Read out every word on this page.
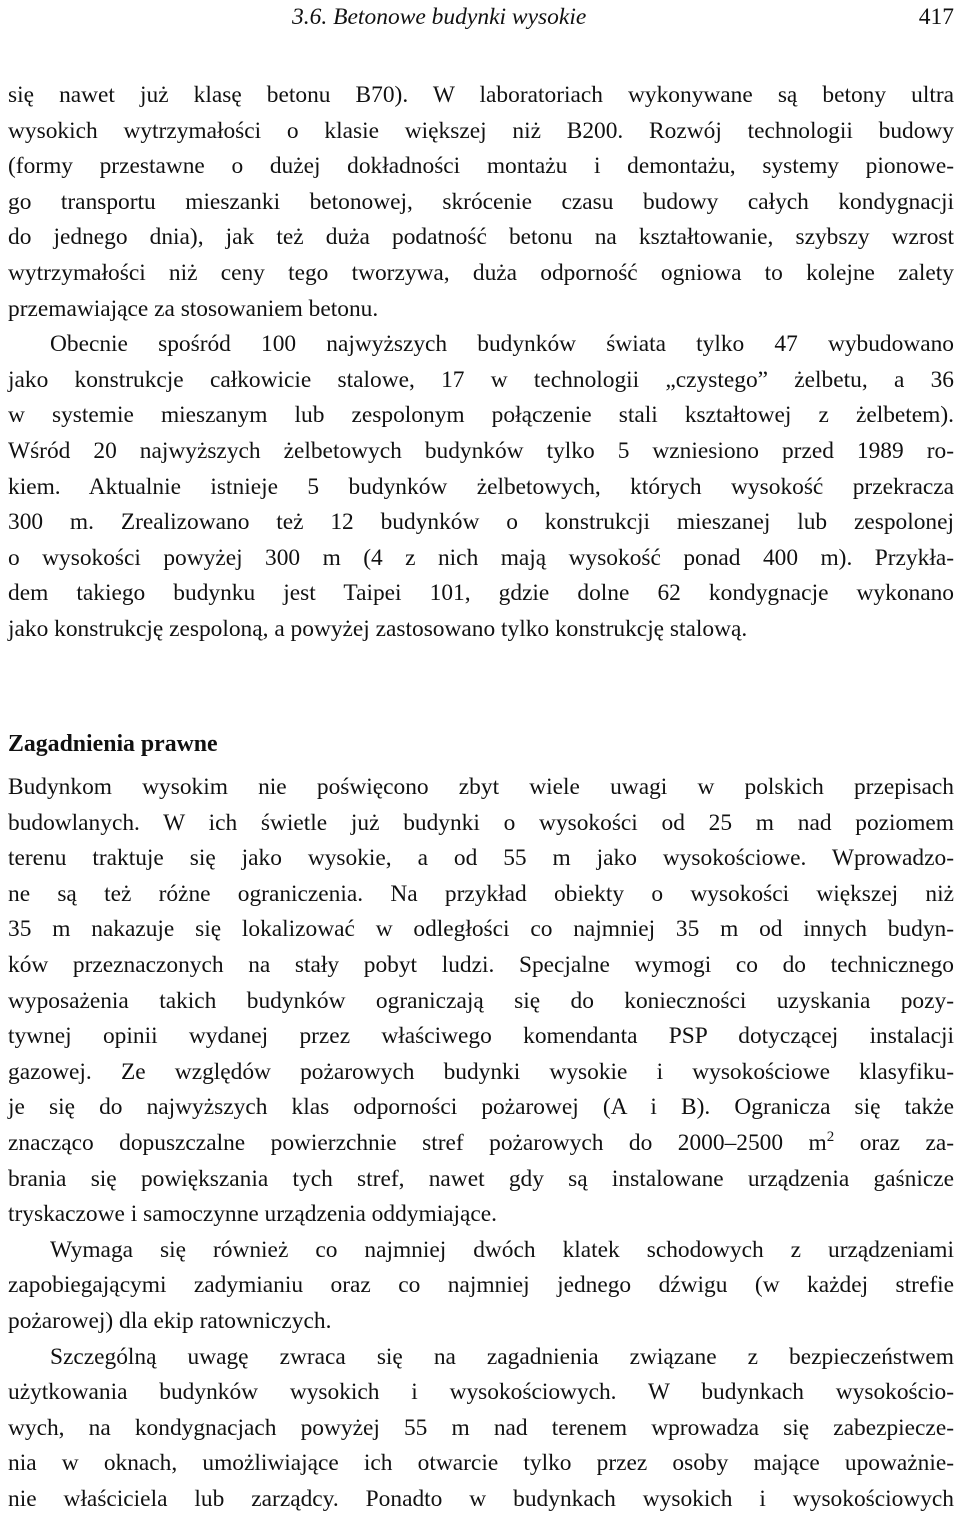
3.6. Betonowe budynki wysokie	417
się nawet już klasę betonu B70). W laboratoriach wykonywane są betony ultra
wysokich wytrzymałości o klasie większej niż B200. Rozwój technologii budowy
(formy przestawne o dużej dokładności montażu i demontażu, systemy pionowe-
go transportu mieszanki betonowej, skrócenie czasu budowy całych kondygnacji
do jednego dnia), jak też duża podatność betonu na kształtowanie, szybszy wzrost
wytrzymałości niż ceny tego tworzywa, duża odporność ogniowa to kolejne zalety
przemawiające za stosowaniem betonu.
Obecnie spośród 100 najwyższych budynków świata tylko 47 wybudowano
jako konstrukcje całkowicie stalowe, 17 w technologii „czystego” żelbetu, a 36
w systemie mieszanym lub zespolonym połączenie stali kształtowej z żelbetem).
Wśród 20 najwyższych żelbetowych budynków tylko 5 wzniesiono przed 1989 ro-
kiem. Aktualnie istnieje 5 budynków żelbetowych, których wysokość przekracza
300 m. Zrealizowano też 12 budynków o konstrukcji mieszanej lub zespolonej
o wysokości powyżej 300 m (4 z nich mają wysokość ponad 400 m). Przykła-
dem takiego budynku jest Taipei 101, gdzie dolne 62 kondygnacje wykonano
jako konstrukcję zespoloną, a powyżej zastosowano tylko konstrukcję stalową.
Zagadnienia prawne
Budynkom wysokim nie poświęcono zbyt wiele uwagi w polskich przepisach
budowlanych. W ich świetle już budynki o wysokości od 25 m nad poziomem
terenu traktuje się jako wysokie, a od 55 m jako wysokościowe. Wprowadzo-
ne są też różne ograniczenia. Na przykład obiekty o wysokości większej niż
35 m nakazuje się lokalizować w odległości co najmniej 35 m od innych budyn-
ków przeznaczonych na stały pobyt ludzi. Specjalne wymogi co do technicznego
wyposażenia takich budynków ograniczają się do konieczności uzyskania pozy-
tywnej opinii wydanej przez właściwego komendanta PSP dotyczącej instalacji
gazowej. Ze względów pożarowych budynki wysokie i wysokościowe klasyfiku-
je się do najwyższych klas odporności pożarowej (A i B). Ogranicza się także
znacząco dopuszczalne powierzchnie stref pożarowych do 2000–2500 $m^2$ oraz za-
brania się powiększania tych stref, nawet gdy są instalowane urządzenia gaśnicze
tryskaczowe i samoczynne urządzenia oddymiające.
Wymaga się również co najmniej dwóch klatek schodowych z urządzeniami
zapobiegającymi zadymianiu oraz co najmniej jednego dźwigu (w każdej strefie
pożarowej) dla ekip ratowniczych.
Szczególną uwagę zwraca się na zagadnienia związane z bezpieczeństwem
użytkowania budynków wysokich i wysokościowych. W budynkach wysokościo-
wych, na kondygnacjach powyżej 55 m nad terenem wprowadza się zabezpiecze-
nia w oknach, umożliwiające ich otwarcie tylko przez osoby mające upoważnie-
nie właściciela lub zarządcy. Ponadto w budynkach wysokich i wysokościowych
